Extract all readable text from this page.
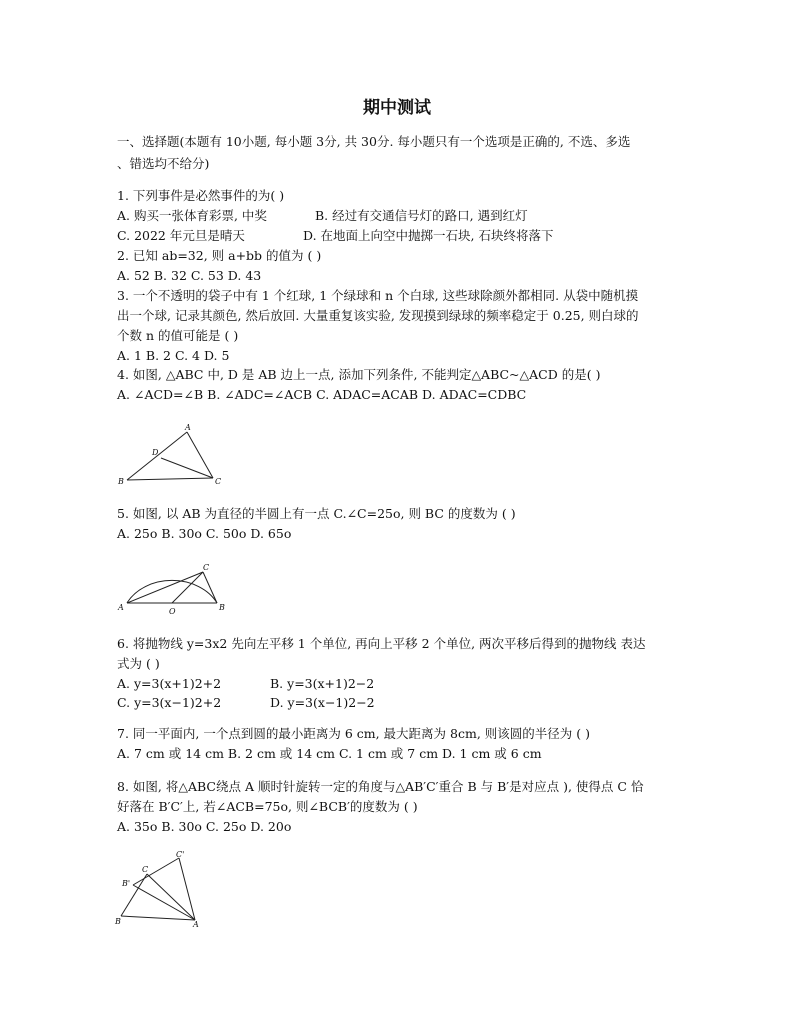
期中测试
一、选择题(本题有 10小题, 每小题 3分, 共 30分. 每小题只有一个选项是正确的, 不选、多选
、错选均不给分)
1. 下列事件是必然事件的为( )
A. 购买一张体育彩票, 中奖	B. 经过有交通信号灯的路口, 遇到红灯
C. 2022 年元旦是晴天	D. 在地面上向空中抛掷一石块, 石块终将落下
2. 已知 ab=32, 则 a+bb 的值为 ( )
A. 52 B. 32 C. 53 D. 43
3. 一个不透明的袋子中有 1 个红球, 1 个绿球和 n 个白球, 这些球除颜外都相同. 从袋中随机摸
出一个球, 记录其颜色, 然后放回. 大量重复该实验, 发现摸到绿球的频率稳定于 0.25, 则白球的
个数 n 的值可能是 ( )
A. 1 B. 2 C. 4 D. 5
4. 如图, △ABC 中, D 是 AB 边上一点, 添加下列条件, 不能判定△ABC~△ACD 的是( )
A. ∠ACD=∠B B. ∠ADC=∠ACB C. ADAC=ACAB D. ADAC=CDBC
A
B	C
D
5. 如图, 以 AB 为直径的半圆上有一点 C.∠C=25o, 则 BC 的度数为 ( )
A. 25o B. 30o C. 50o D. 65o
A	B
C
O
6. 将抛物线 y=3x2 先向左平移 1 个单位, 再向上平移 2 个单位, 两次平移后得到的抛物线 表达
式为 ( )
A. y=3(x+1)2+2	B. y=3(x+1)2−2
C. y=3(x−1)2+2	D. y=3(x−1)2−2
7. 同一平面内, 一个点到圆的最小距离为 6 cm, 最大距离为 8cm, 则该圆的半径为 ( )
A. 7 cm 或 14 cm B. 2 cm 或 14 cm C. 1 cm 或 7 cm D. 1 cm 或 6 cm
8. 如图, 将△ABC绕点 A 顺时针旋转一定的角度与△AB′C′重合 B 与 B′是对应点 ), 使得点 C 恰
好落在 B′C′上, 若∠ACB=75o, 则∠BCB′的度数为 ( )
A. 35o B. 30o C. 25o D. 20o
C'
C
B'
B	A
